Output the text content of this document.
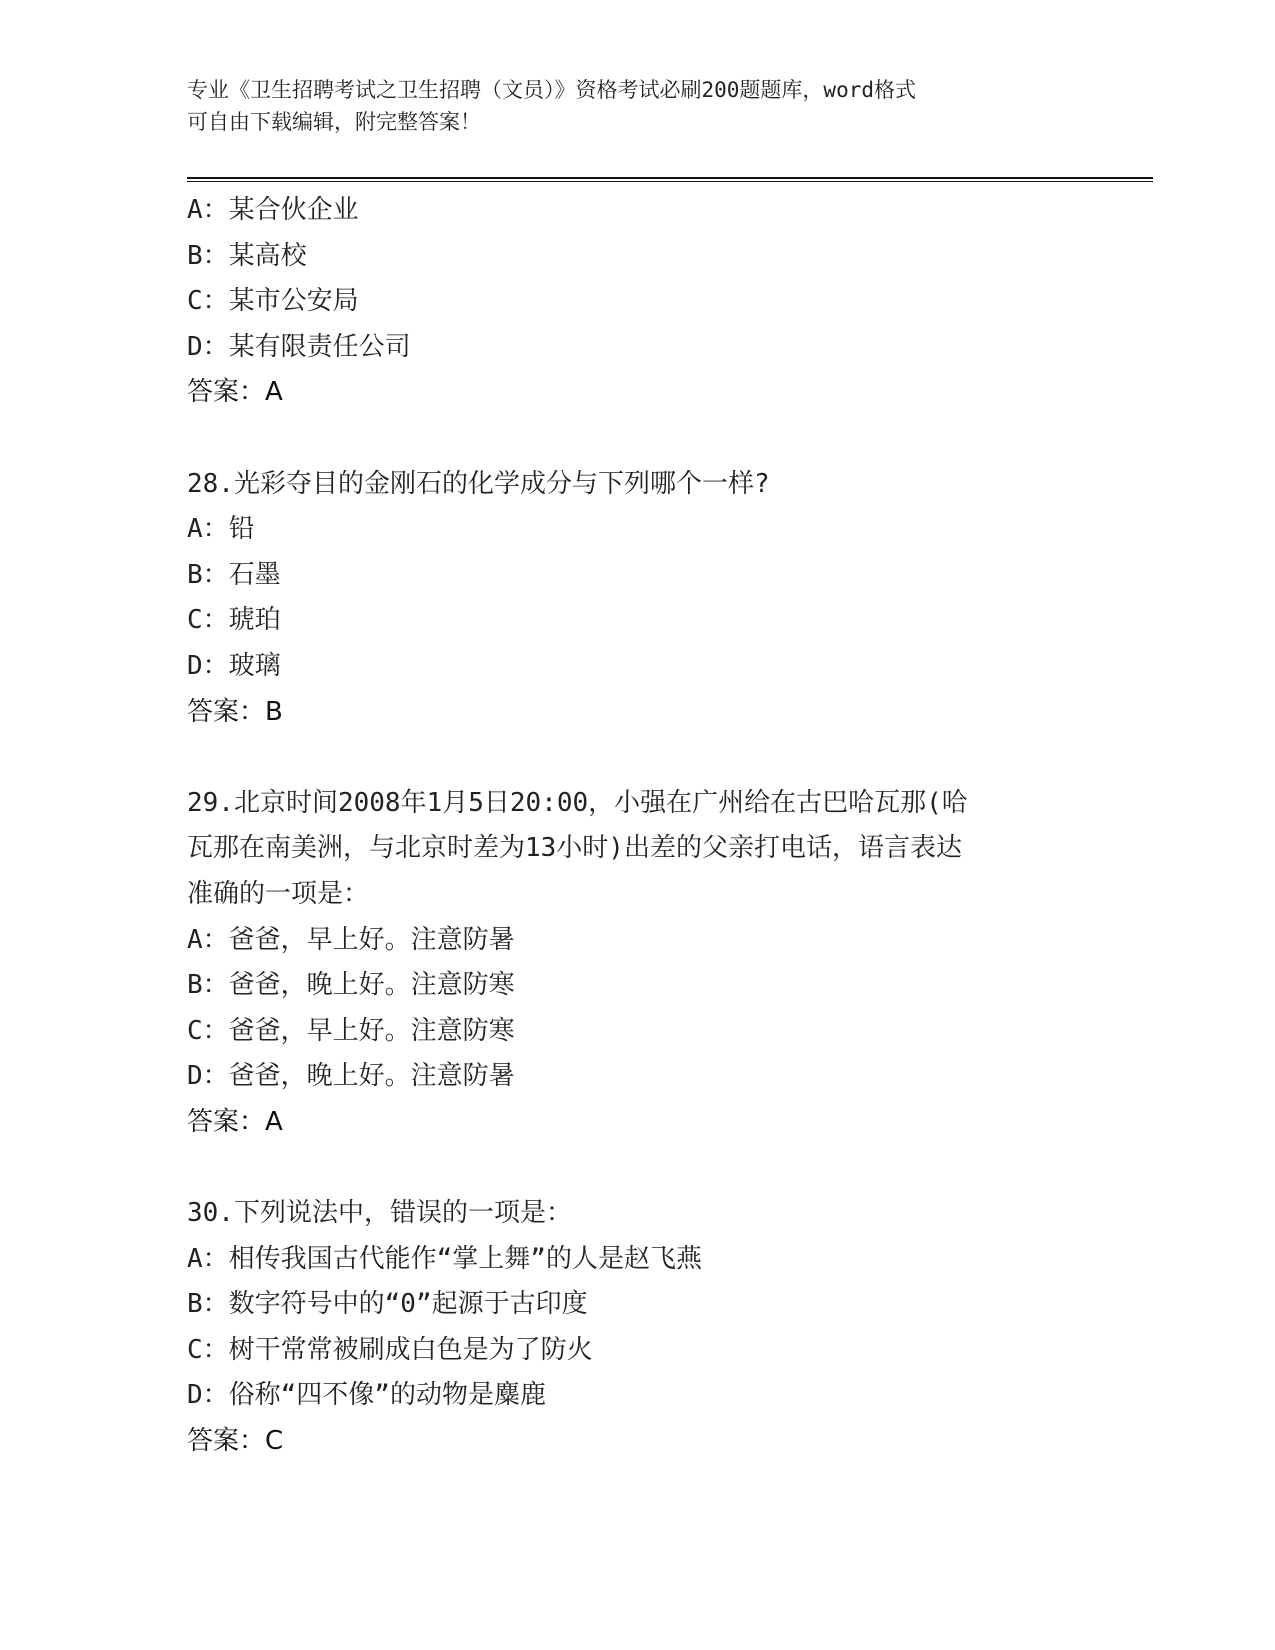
专业《卫生招聘考试之卫生招聘（文员）》资格考试必刷200题题库，word格式
可自由下载编辑，附完整答案！
A：某合伙企业
B：某高校
C：某市公安局
D：某有限责任公司
答案：A
28.光彩夺目的金刚石的化学成分与下列哪个一样?
A：铅
B：石墨
C：琥珀
D：玻璃
答案：B
29.北京时间2008年1月5日20:00，小强在广州给在古巴哈瓦那(哈
瓦那在南美洲，与北京时差为13小时)出差的父亲打电话，语言表达
准确的一项是：
A：爸爸，早上好。注意防暑
B：爸爸，晚上好。注意防寒
C：爸爸，早上好。注意防寒
D：爸爸，晚上好。注意防暑
答案：A
30.下列说法中，错误的一项是：
A：相传我国古代能作“掌上舞”的人是赵飞燕
B：数字符号中的“0”起源于古印度
C：树干常常被刷成白色是为了防火
D：俗称“四不像”的动物是麋鹿
答案：C
